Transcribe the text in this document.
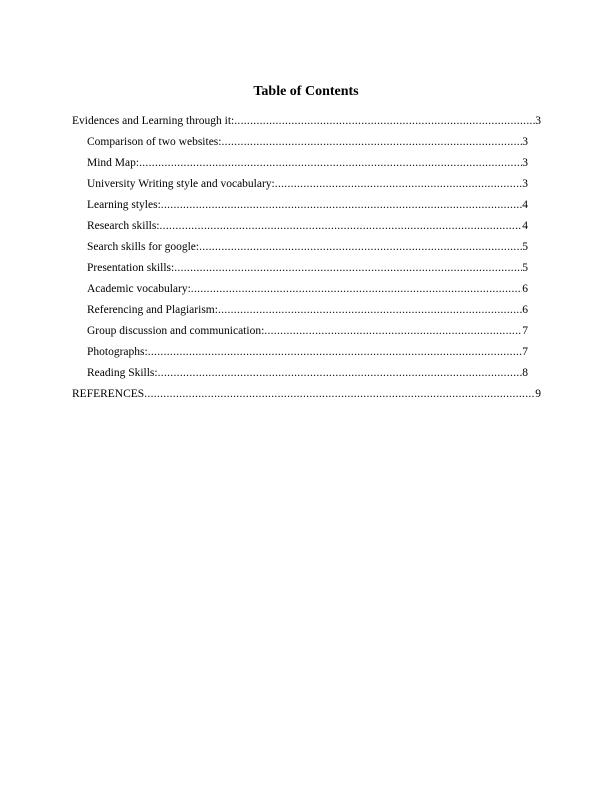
Table of Contents
Evidences and Learning through it: .....	3
Comparison of two websites: .....	3
Mind Map: .....	3
University Writing style and vocabulary: .....	3
Learning styles: .....	4
Research skills: .....	4
Search skills for google: .....	5
Presentation skills: .....	5
Academic vocabulary: .....	6
Referencing and Plagiarism: .....	6
Group discussion and communication: .....	7
Photographs: .....	7
Reading Skills: .....	8
REFERENCES .....	9
